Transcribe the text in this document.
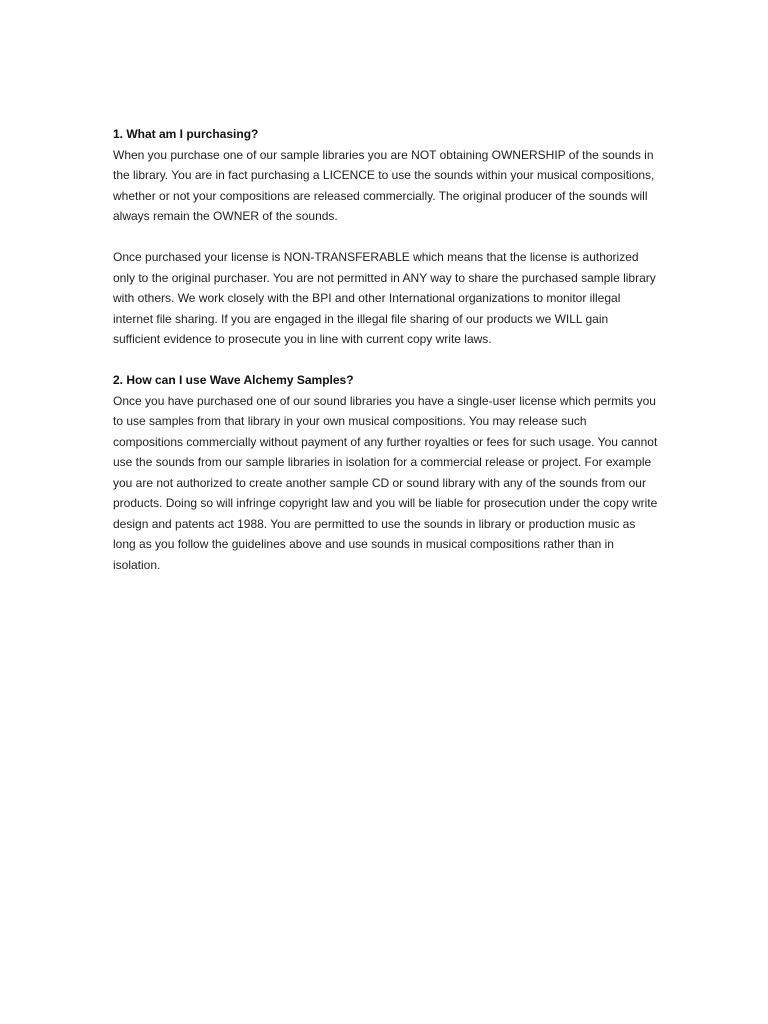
1. What am I purchasing?

When you purchase one of our sample libraries you are NOT obtaining OWNERSHIP of the sounds in the library. You are in fact purchasing a LICENCE to use the sounds within your musical compositions, whether or not your compositions are released commercially. The original producer of the sounds will always remain the OWNER of the sounds.

Once purchased your license is NON-TRANSFERABLE which means that the license is authorized only to the original purchaser. You are not permitted in ANY way to share the purchased sample library with others. We work closely with the BPI and other International organizations to monitor illegal internet file sharing. If you are engaged in the illegal file sharing of our products we WILL gain sufficient evidence to prosecute you in line with current copy write laws.

2. How can I use Wave Alchemy Samples?

Once you have purchased one of our sound libraries you have a single-user license which permits you to use samples from that library in your own musical compositions. You may release such compositions commercially without payment of any further royalties or fees for such usage. You cannot use the sounds from our sample libraries in isolation for a commercial release or project. For example you are not authorized to create another sample CD or sound library with any of the sounds from our products. Doing so will infringe copyright law and you will be liable for prosecution under the copy write design and patents act 1988. You are permitted to use the sounds in library or production music as long as you follow the guidelines above and use sounds in musical compositions rather than in isolation.
